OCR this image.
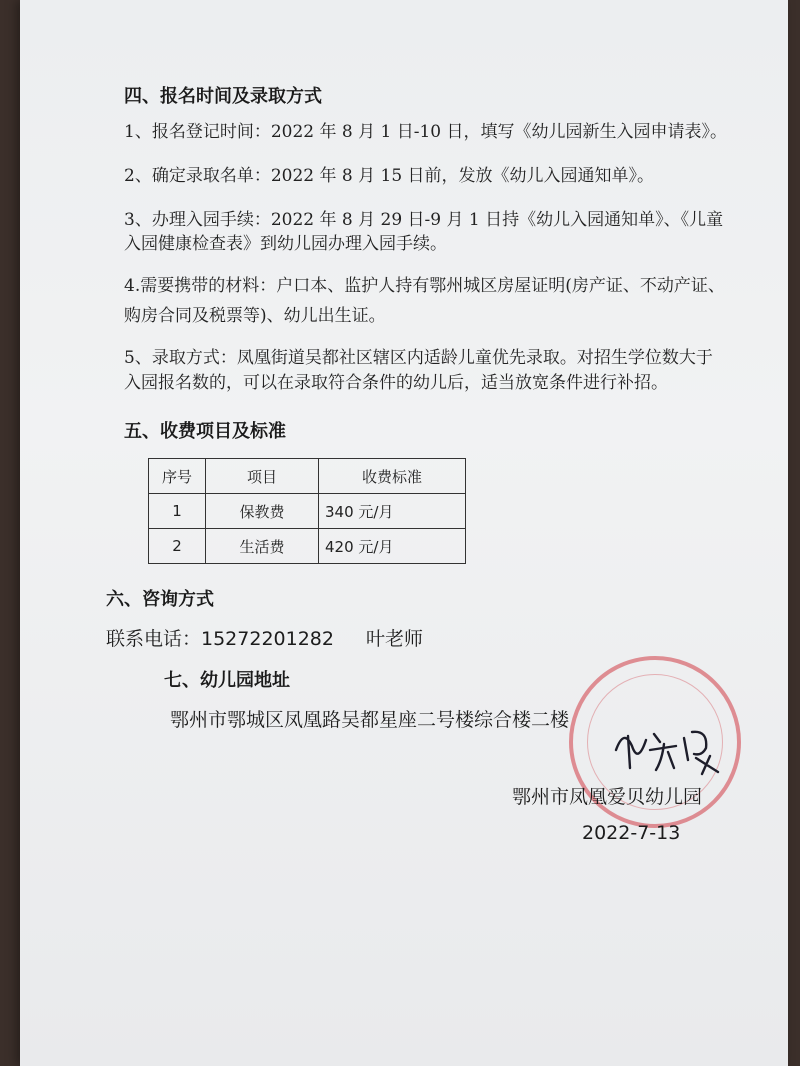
四、报名时间及录取方式
1、报名登记时间：2022 年 8 月 1 日-10 日，填写《幼儿园新生入园申请表》。
2、确定录取名单：2022 年 8 月 15 日前，发放《幼儿入园通知单》。
3、办理入园手续：2022 年 8 月 29 日-9 月 1 日持《幼儿入园通知单》、《儿童
入园健康检查表》到幼儿园办理入园手续。
4.需要携带的材料：户口本、监护人持有鄂州城区房屋证明(房产证、不动产证、
购房合同及税票等)、幼儿出生证。
5、录取方式：凤凰街道吴都社区辖区内适龄儿童优先录取。对招生学位数大于
入园报名数的，可以在录取符合条件的幼儿后，适当放宽条件进行补招。
五、收费项目及标准
序号	项目	收费标准
1	保教费	340 元/月
2	生活费	420 元/月
六、咨询方式
联系电话：15272201282 叶老师
七、幼儿园地址
鄂州市鄂城区凤凰路吴都星座二号楼综合楼二楼
鄂州市凤凰爱贝幼儿园
2022-7-13
